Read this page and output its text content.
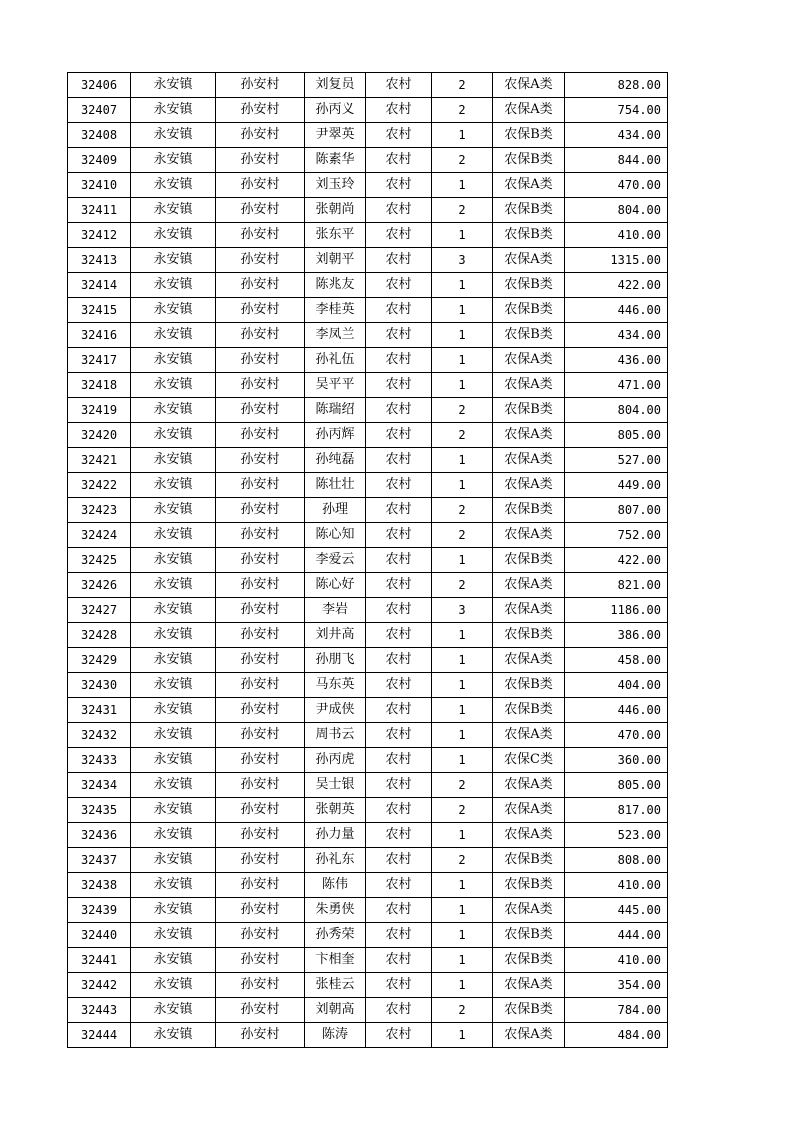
32406	永安镇	孙安村	刘复员	农村	2	农保A类	828.00
32407	永安镇	孙安村	孙丙义	农村	2	农保A类	754.00
32408	永安镇	孙安村	尹翠英	农村	1	农保B类	434.00
32409	永安镇	孙安村	陈素华	农村	2	农保B类	844.00
32410	永安镇	孙安村	刘玉玲	农村	1	农保A类	470.00
32411	永安镇	孙安村	张朝尚	农村	2	农保B类	804.00
32412	永安镇	孙安村	张东平	农村	1	农保B类	410.00
32413	永安镇	孙安村	刘朝平	农村	3	农保A类	1315.00
32414	永安镇	孙安村	陈兆友	农村	1	农保B类	422.00
32415	永安镇	孙安村	李桂英	农村	1	农保B类	446.00
32416	永安镇	孙安村	李凤兰	农村	1	农保B类	434.00
32417	永安镇	孙安村	孙礼伍	农村	1	农保A类	436.00
32418	永安镇	孙安村	吴平平	农村	1	农保A类	471.00
32419	永安镇	孙安村	陈瑞绍	农村	2	农保B类	804.00
32420	永安镇	孙安村	孙丙辉	农村	2	农保A类	805.00
32421	永安镇	孙安村	孙纯磊	农村	1	农保A类	527.00
32422	永安镇	孙安村	陈壮壮	农村	1	农保A类	449.00
32423	永安镇	孙安村	孙理	农村	2	农保B类	807.00
32424	永安镇	孙安村	陈心知	农村	2	农保A类	752.00
32425	永安镇	孙安村	李爱云	农村	1	农保B类	422.00
32426	永安镇	孙安村	陈心好	农村	2	农保A类	821.00
32427	永安镇	孙安村	李岩	农村	3	农保A类	1186.00
32428	永安镇	孙安村	刘井高	农村	1	农保B类	386.00
32429	永安镇	孙安村	孙朋飞	农村	1	农保A类	458.00
32430	永安镇	孙安村	马东英	农村	1	农保B类	404.00
32431	永安镇	孙安村	尹成侠	农村	1	农保B类	446.00
32432	永安镇	孙安村	周书云	农村	1	农保A类	470.00
32433	永安镇	孙安村	孙丙虎	农村	1	农保C类	360.00
32434	永安镇	孙安村	吴士银	农村	2	农保A类	805.00
32435	永安镇	孙安村	张朝英	农村	2	农保A类	817.00
32436	永安镇	孙安村	孙力量	农村	1	农保A类	523.00
32437	永安镇	孙安村	孙礼东	农村	2	农保B类	808.00
32438	永安镇	孙安村	陈伟	农村	1	农保B类	410.00
32439	永安镇	孙安村	朱勇侠	农村	1	农保A类	445.00
32440	永安镇	孙安村	孙秀荣	农村	1	农保B类	444.00
32441	永安镇	孙安村	卞相奎	农村	1	农保B类	410.00
32442	永安镇	孙安村	张桂云	农村	1	农保A类	354.00
32443	永安镇	孙安村	刘朝高	农村	2	农保B类	784.00
32444	永安镇	孙安村	陈涛	农村	1	农保A类	484.00
